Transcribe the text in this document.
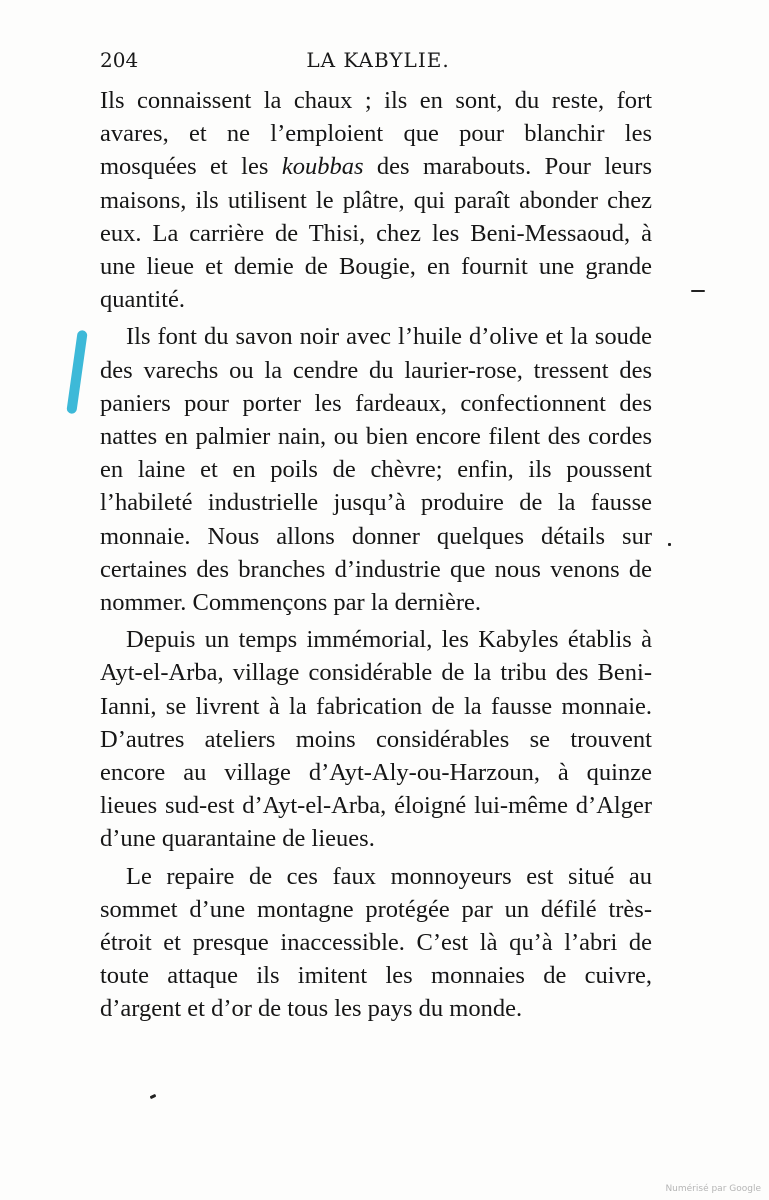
204	LA KABYLIE.

Ils connaissent la chaux ; ils en sont, du reste, fort avares, et ne l’emploient que pour blanchir les mosquées et les koubbas des marabouts. Pour leurs maisons, ils utilisent le plâtre, qui paraît abonder chez eux. La carrière de Thisi, chez les Beni-Messaoud, à une lieue et demie de Bougie, en fournit une grande quantité.

Ils font du savon noir avec l’huile d’olive et la soude des varechs ou la cendre du laurier-rose, tressent des paniers pour porter les fardeaux, confectionnent des nattes en palmier nain, ou bien encore filent des cordes en laine et en poils de chèvre; enfin, ils poussent l’habileté industrielle jusqu’à produire de la fausse monnaie. Nous allons donner quelques détails sur certaines des branches d’industrie que nous venons de nommer. Commençons par la dernière.

Depuis un temps immémorial, les Kabyles établis à Ayt-el-Arba, village considérable de la tribu des Beni-Ianni, se livrent à la fabrication de la fausse monnaie. D’autres ateliers moins considérables se trouvent encore au village d’Ayt-Aly-ou-Harzoun, à quinze lieues sud-est d’Ayt-el-Arba, éloigné lui-même d’Alger d’une quarantaine de lieues.

Le repaire de ces faux monnoyeurs est situé au sommet d’une montagne protégée par un défilé très-étroit et presque inaccessible. C’est là qu’à l’abri de toute attaque ils imitent les monnaies de cuivre, d’argent et d’or de tous les pays du monde.

Numérisé par Google
